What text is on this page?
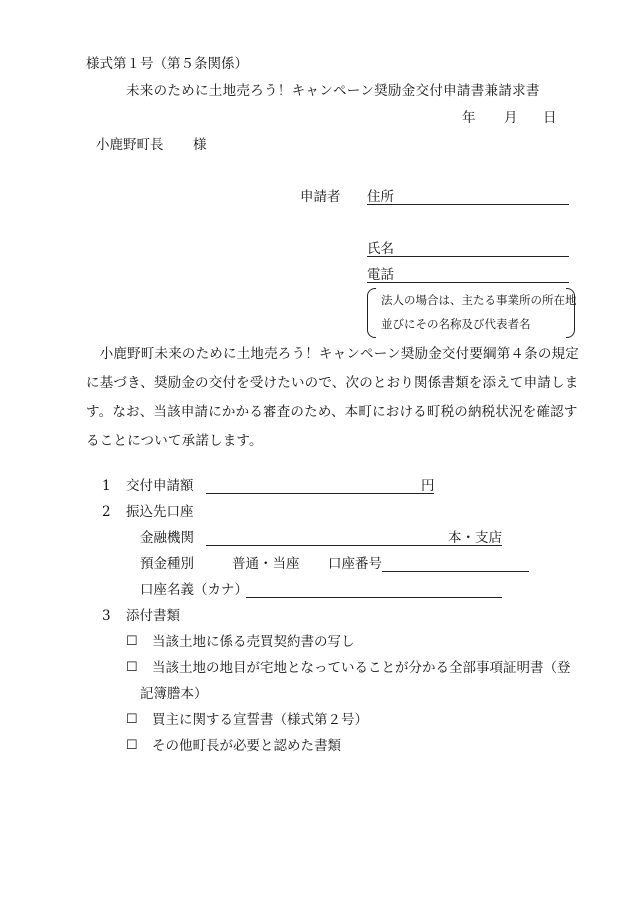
様式第１号（第５条関係）
未来のために土地売ろう！キャンペーン奨励金交付申請書兼請求書
年 月 日
小鹿野町長 様
申請者 住所
氏名
電話
法人の場合は、主たる事業所の所在地
並びにその名称及び代表者名
　小鹿野町未来のために土地売ろう！キャンペーン奨励金交付要綱第４条の規定
に基づき、奨励金の交付を受けたいので、次のとおり関係書類を添えて申請しま
す。なお、当該申請にかかる審査のため、本町における町税の納税状況を確認す
ることについて承諾します。
1 交付申請額	円
2 振込先口座
金融機関	本・支店
預金種別	普通・当座 口座番号
口座名義（カナ）
3 添付書類
☐ 当該土地に係る売買契約書の写し
☐ 当該土地の地目が宅地となっていることが分かる全部事項証明書（登
記簿謄本）
☐ 買主に関する宣誓書（様式第２号）
☐ その他町長が必要と認めた書類
